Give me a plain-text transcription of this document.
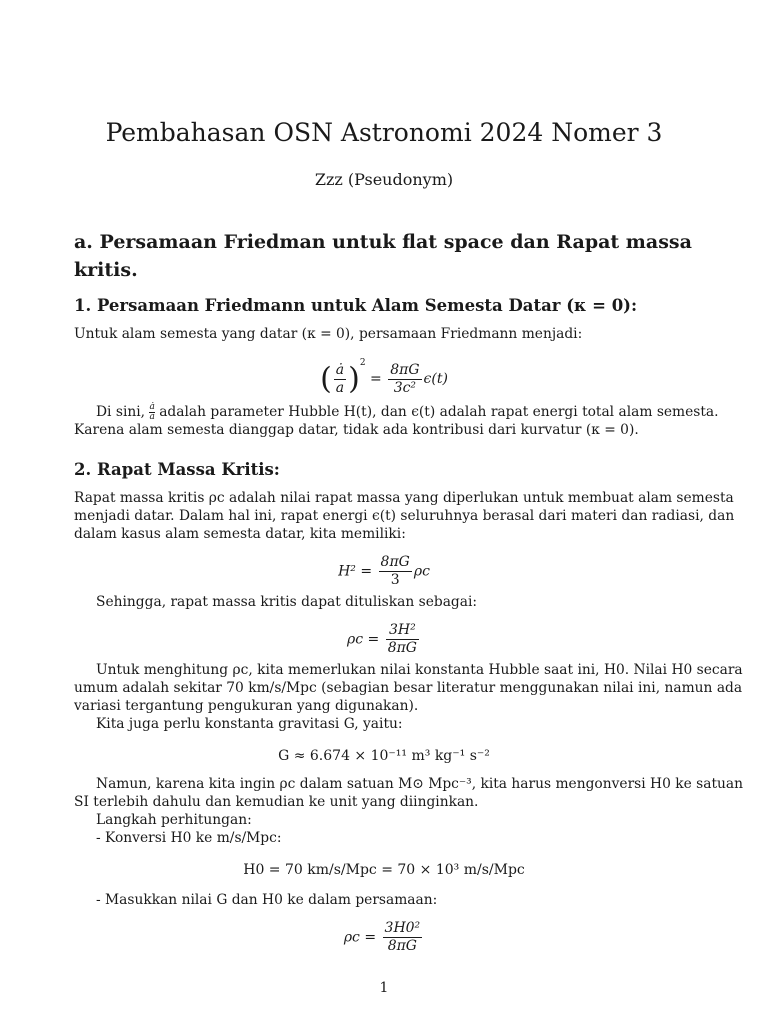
Pembahasan OSN Astronomi 2024 Nomer 3
Zzz (Pseudonym)
a. Persamaan Friedman untuk flat space dan Rapat massa
kritis.
1. Persamaan Friedmann untuk Alam Semesta Datar (κ = 0):
Untuk alam semesta yang datar (κ = 0), persamaan Friedmann menjadi:
( $\frac{ȧ}{a} )^2 = \frac{8\pi G}{\text{3c²}} \epsilon(t)$
Di sini, $\frac{ȧ}{a}$ adalah parameter Hubble H(t), dan ϵ(t) adalah rapat energi total alam semesta.
Karena alam semesta dianggap datar, tidak ada kontribusi dari kurvatur (κ = 0).
2. Rapat Massa Kritis:
Rapat massa kritis ρc adalah nilai rapat massa yang diperlukan untuk membuat alam semesta
menjadi datar. Dalam hal ini, rapat energi ϵ(t) seluruhnya berasal dari materi dan radiasi, dan
dalam kasus alam semesta datar, kita memiliki:
$H^2 = \frac{8\pi G}{3}$ ρc
Sehingga, rapat massa kritis dapat dituliskan sebagai:
$\rho c = \frac{\text{3H²}}{8\pi G}$
Untuk menghitung ρc, kita memerlukan nilai konstanta Hubble saat ini, H0. Nilai H0 secara
umum adalah sekitar 70 km/s/Mpc (sebagian besar literatur menggunakan nilai ini, namun ada
variasi tergantung pengukuran yang digunakan).
Kita juga perlu konstanta gravitasi G, yaitu:
G ≈ 6.674 × 10⁻¹¹ m³ kg⁻¹ s⁻²
Namun, karena kita ingin ρc dalam satuan M⊙ Mpc⁻³, kita harus mengonversi H0 ke satuan
SI terlebih dahulu dan kemudian ke unit yang diinginkan.
Langkah perhitungan:
- Konversi H0 ke m/s/Mpc:
H0 = 70 km/s/Mpc = 70 × 10³ m/s/Mpc
- Masukkan nilai G dan H0 ke dalam persamaan:
$\rho c = \frac{\text{3H0²}}{8\pi G}$
1
